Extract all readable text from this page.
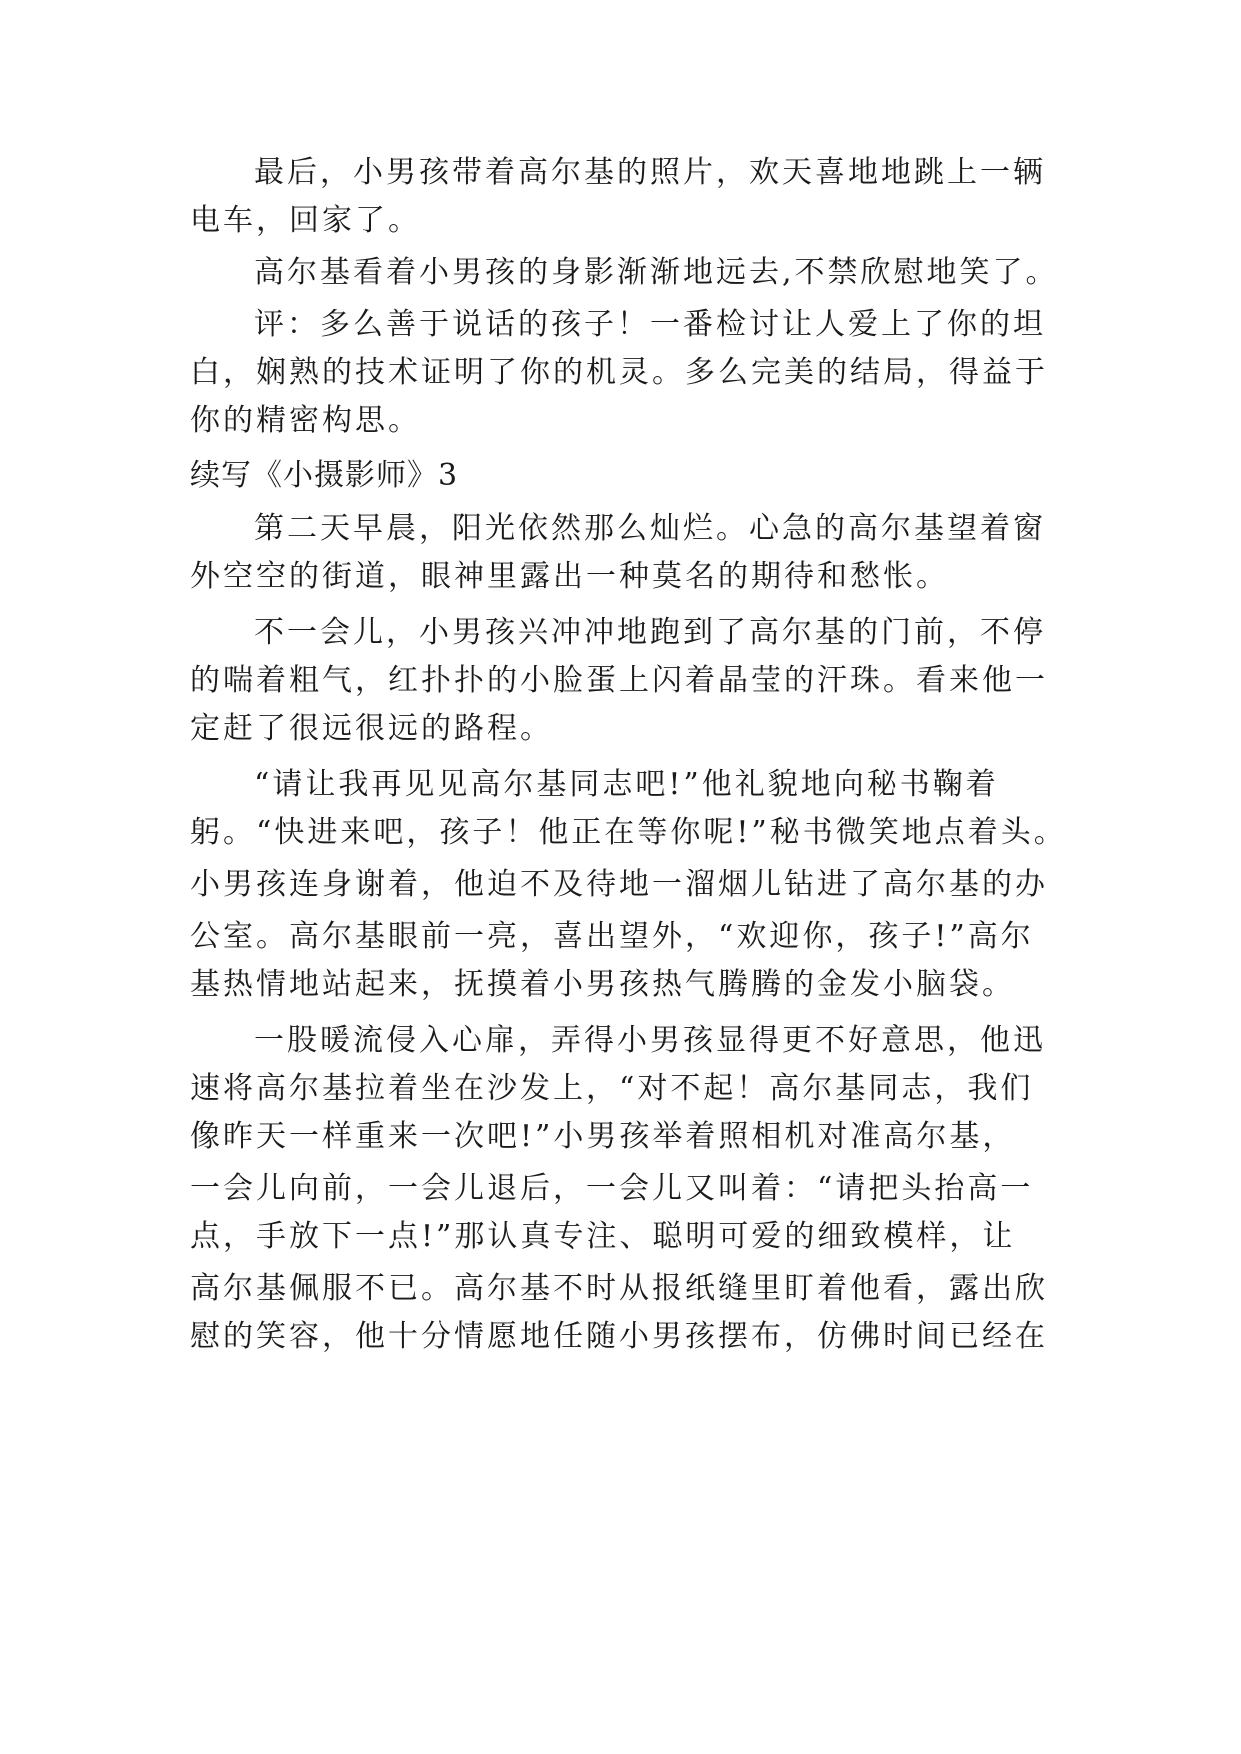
最后，小男孩带着高尔基的照片，欢天喜地地跳上一辆
电车，回家了。
高尔基看着小男孩的身影渐渐地远去,不禁欣慰地笑了。
评：多么善于说话的孩子！一番检讨让人爱上了你的坦
白，娴熟的技术证明了你的机灵。多么完美的结局，得益于
你的精密构思。
续写《小摄影师》3
第二天早晨，阳光依然那么灿烂。心急的高尔基望着窗
外空空的街道，眼神里露出一种莫名的期待和愁怅。
不一会儿，小男孩兴冲冲地跑到了高尔基的门前，不停
的喘着粗气，红扑扑的小脸蛋上闪着晶莹的汗珠。看来他一
定赶了很远很远的路程。
“请让我再见见高尔基同志吧!”他礼貌地向秘书鞠着
躬。“快进来吧，孩子！他正在等你呢!”秘书微笑地点着头。
小男孩连身谢着，他迫不及待地一溜烟儿钻进了高尔基的办
公室。高尔基眼前一亮，喜出望外，“欢迎你，孩子!”高尔
基热情地站起来，抚摸着小男孩热气腾腾的金发小脑袋。
一股暖流侵入心扉，弄得小男孩显得更不好意思，他迅
速将高尔基拉着坐在沙发上，“对不起！高尔基同志，我们
像昨天一样重来一次吧!”小男孩举着照相机对准高尔基，
一会儿向前，一会儿退后，一会儿又叫着：“请把头抬高一
点，手放下一点!”那认真专注、聪明可爱的细致模样，让
高尔基佩服不已。高尔基不时从报纸缝里盯着他看，露出欣
慰的笑容，他十分情愿地任随小男孩摆布，仿佛时间已经在
